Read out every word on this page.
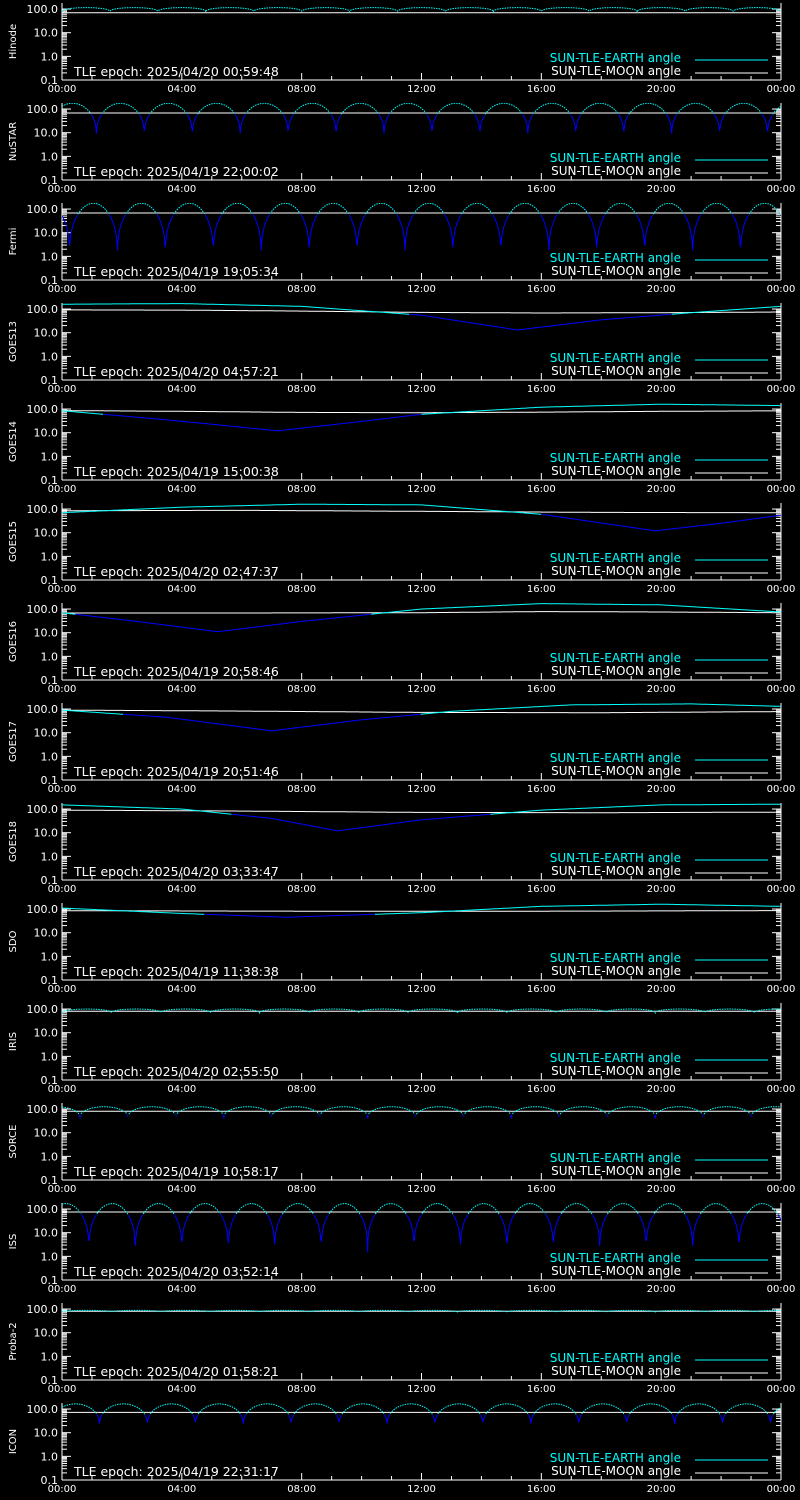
100.0
10.0
1.0
0.1
00:00	04:00	08:00	12:00	16:00	20:00	00:00
Hinode
TLE epoch: 2025/04/20 00:59:48
SUN-TLE-EARTH angle
SUN-TLE-MOON angle
100.0
10.0
1.0
0.1
00:00	04:00	08:00	12:00	16:00	20:00	00:00
NuSTAR
TLE epoch: 2025/04/19 22:00:02
SUN-TLE-EARTH angle
SUN-TLE-MOON angle
100.0
10.0
1.0
0.1
00:00	04:00	08:00	12:00	16:00	20:00	00:00
Fermi
TLE epoch: 2025/04/19 19:05:34
SUN-TLE-EARTH angle
SUN-TLE-MOON angle
100.0
10.0
1.0
0.1
00:00	04:00	08:00	12:00	16:00	20:00	00:00
GOES13
TLE epoch: 2025/04/20 04:57:21
SUN-TLE-EARTH angle
SUN-TLE-MOON angle
100.0
10.0
1.0
0.1
00:00	04:00	08:00	12:00	16:00	20:00	00:00
GOES14
TLE epoch: 2025/04/19 15:00:38
SUN-TLE-EARTH angle
SUN-TLE-MOON angle
100.0
10.0
1.0
0.1
00:00	04:00	08:00	12:00	16:00	20:00	00:00
GOES15
TLE epoch: 2025/04/20 02:47:37
SUN-TLE-EARTH angle
SUN-TLE-MOON angle
100.0
10.0
1.0
0.1
00:00	04:00	08:00	12:00	16:00	20:00	00:00
GOES16
TLE epoch: 2025/04/19 20:58:46
SUN-TLE-EARTH angle
SUN-TLE-MOON angle
100.0
10.0
1.0
0.1
00:00	04:00	08:00	12:00	16:00	20:00	00:00
GOES17
TLE epoch: 2025/04/19 20:51:46
SUN-TLE-EARTH angle
SUN-TLE-MOON angle
100.0
10.0
1.0
0.1
00:00	04:00	08:00	12:00	16:00	20:00	00:00
GOES18
TLE epoch: 2025/04/20 03:33:47
SUN-TLE-EARTH angle
SUN-TLE-MOON angle
100.0
10.0
1.0
0.1
00:00	04:00	08:00	12:00	16:00	20:00	00:00
SDO
TLE epoch: 2025/04/19 11:38:38
SUN-TLE-EARTH angle
SUN-TLE-MOON angle
100.0
10.0
1.0
0.1
00:00	04:00	08:00	12:00	16:00	20:00	00:00
IRIS
TLE epoch: 2025/04/20 02:55:50
SUN-TLE-EARTH angle
SUN-TLE-MOON angle
100.0
10.0
1.0
0.1
00:00	04:00	08:00	12:00	16:00	20:00	00:00
SORCE
TLE epoch: 2025/04/19 10:58:17
SUN-TLE-EARTH angle
SUN-TLE-MOON angle
100.0
10.0
1.0
0.1
00:00	04:00	08:00	12:00	16:00	20:00	00:00
ISS
TLE epoch: 2025/04/20 03:52:14
SUN-TLE-EARTH angle
SUN-TLE-MOON angle
100.0
10.0
1.0
0.1
00:00	04:00	08:00	12:00	16:00	20:00	00:00
Proba-2
TLE epoch: 2025/04/20 01:58:21
SUN-TLE-EARTH angle
SUN-TLE-MOON angle
100.0
10.0
1.0
0.1
00:00	04:00	08:00	12:00	16:00	20:00	00:00
ICON
TLE epoch: 2025/04/19 22:31:17
SUN-TLE-EARTH angle
SUN-TLE-MOON angle
